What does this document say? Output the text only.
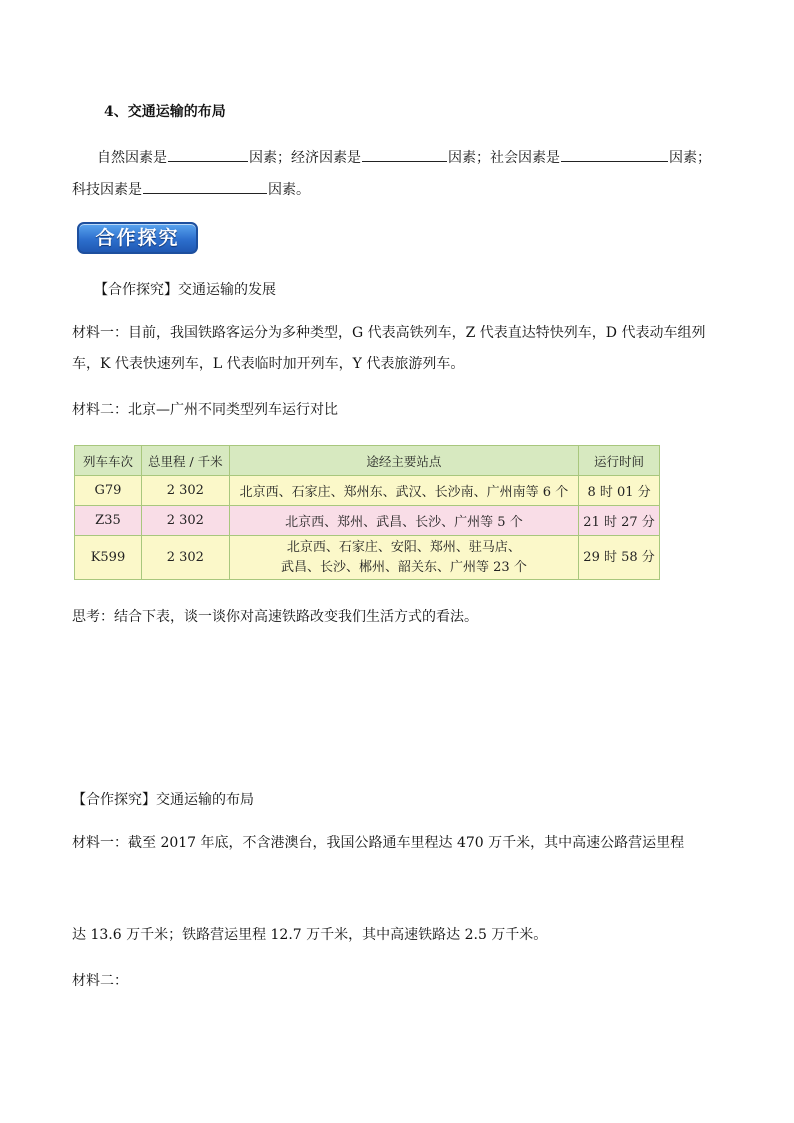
4、交通运输的布局
自然因素是	因素；经济因素是	因素；社会因素是	因素；
科技因素是	因素。
合作探究
【合作探究】交通运输的发展
材料一：目前，我国铁路客运分为多种类型，G 代表高铁列车，Z 代表直达特快列车，D 代表动车组列
车，K 代表快速列车，L 代表临时加开列车，Y 代表旅游列车。
材料二：北京—广州不同类型列车运行对比
列车车次	总里程 / 千米	途经主要站点	运行时间
G79	2 302	北京西、石家庄、郑州东、武汉、长沙南、广州南等 6 个	8 时 01 分
Z35	2 302	北京西、郑州、武昌、长沙、广州等 5 个	21 时 27 分
K599	2 302	北京西、石家庄、安阳、郑州、驻马店、
武昌、长沙、郴州、韶关东、广州等 23 个	29 时 58 分
思考：结合下表，谈一谈你对高速铁路改变我们生活方式的看法。
【合作探究】交通运输的布局
材料一：截至 2017 年底，不含港澳台，我国公路通车里程达 470 万千米，其中高速公路营运里程
达 13.6 万千米；铁路营运里程 12.7 万千米，其中高速铁路达 2.5 万千米。
材料二：
